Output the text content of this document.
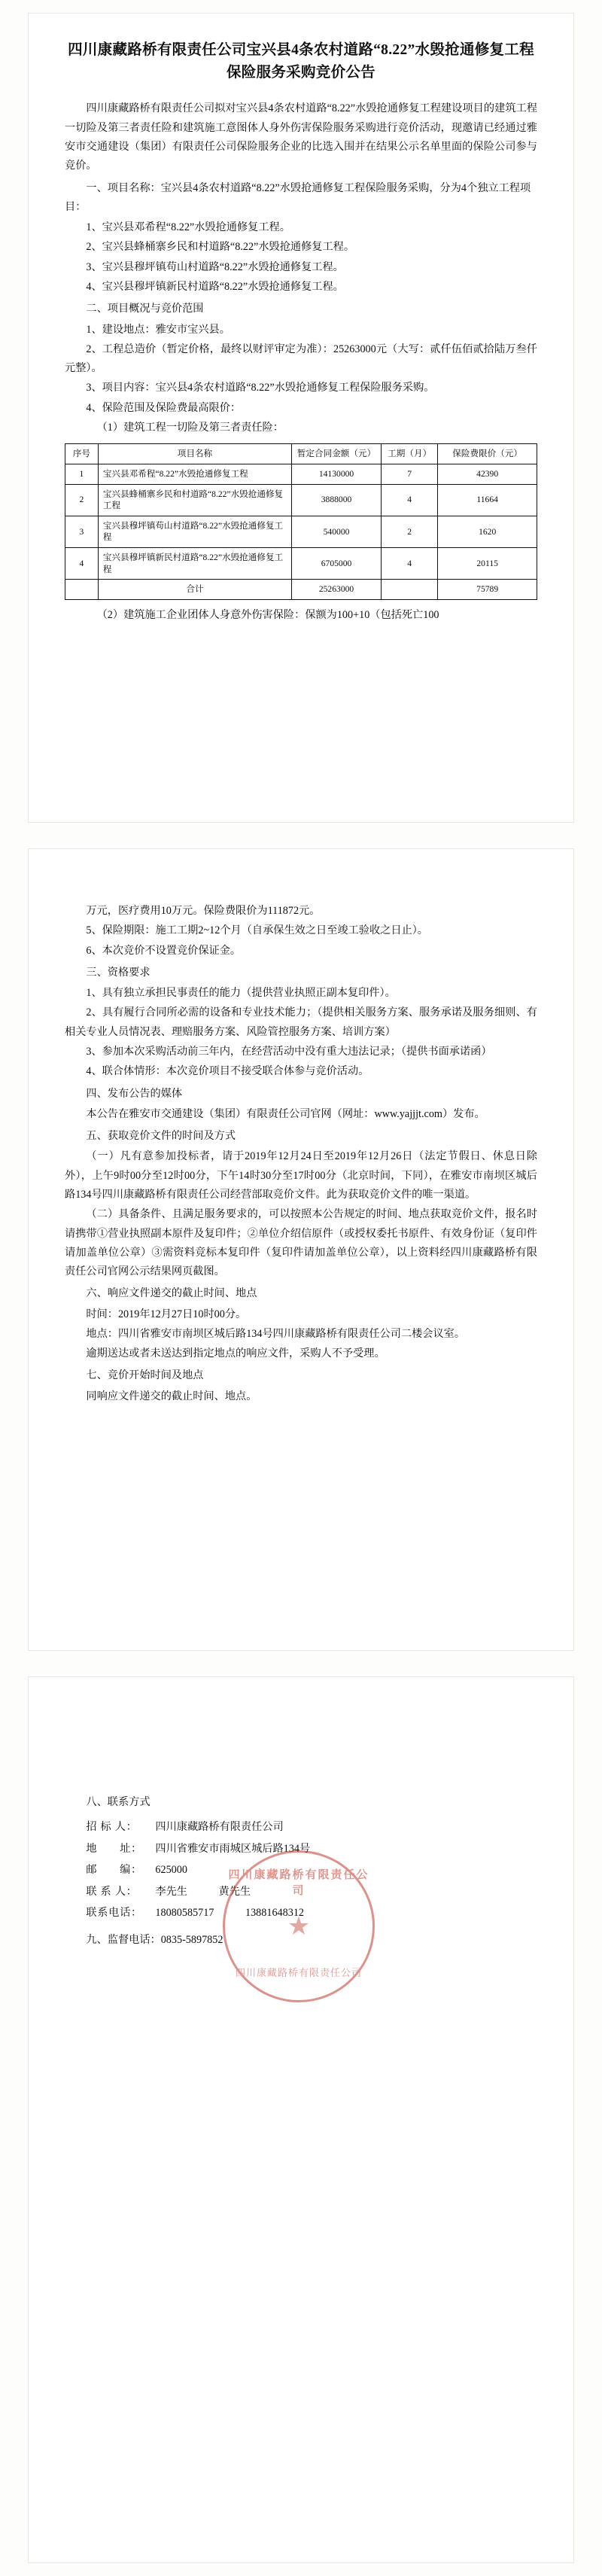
四川康藏路桥有限责任公司宝兴县4条农村道路“8.22”水毁抢通修复工程保险服务采购竞价公告

四川康藏路桥有限责任公司拟对宝兴县4条农村道路“8.22”水毁抢通修复工程建设项目的建筑工程一切险及第三者责任险和建筑施工意图体人身外伤害保险服务采购进行竞价活动，现邀请已经通过雅安市交通建设（集团）有限责任公司保险服务企业的比选入围并在结果公示名单里面的保险公司参与竞价。

一、项目名称：宝兴县4条农村道路“8.22”水毁抢通修复工程保险服务采购，分为4个独立工程项目：
1、宝兴县邓希程“8.22”水毁抢通修复工程。
2、宝兴县蜂桶寨乡民和村道路“8.22”水毁抢通修复工程。
3、宝兴县穆坪镇苟山村道路“8.22”水毁抢通修复工程。
4、宝兴县穆坪镇新民村道路“8.22”水毁抢通修复工程。
二、项目概况与竞价范围
1、建设地点：雅安市宝兴县。
2、工程总造价（暂定价格，最终以财评审定为准）：25263000元（大写：贰仟伍佰贰拾陆万叁仟元整）。
3、项目内容：宝兴县4条农村道路“8.22”水毁抢通修复工程保险服务采购。
4、保险范围及保险费最高限价：
（1）建筑工程一切险及第三者责任险：
序号	项目名称	暂定合同金额（元）	工期（月）	保险费限价（元）
1	宝兴县邓希程“8.22”水毁抢通修复工程	14130000	7	42390
2	宝兴县蜂桶寨乡民和村道路“8.22”水毁抢通修复工程	3888000	4	11664
3	宝兴县穆坪镇苟山村道路“8.22”水毁抢通修复工程	540000	2	1620
4	宝兴县穆坪镇新民村道路“8.22”水毁抢通修复工程	6705000	4	20115
	合计	25263000		75789
（2）建筑施工企业团体人身意外伤害保险：保额为100+10（包括死亡100
万元，医疗费用10万元。保险费限价为111872元。
5、保险期限：施工工期2~12个月（自承保生效之日至竣工验收之日止）。
6、本次竞价不设置竞价保证金。
三、资格要求
1、具有独立承担民事责任的能力（提供营业执照正副本复印件）。
2、具有履行合同所必需的设备和专业技术能力；（提供相关服务方案、服务承诺及服务细则、有相关专业人员情况表、理赔服务方案、风险管控服务方案、培训方案）
3、参加本次采购活动前三年内，在经营活动中没有重大违法记录；（提供书面承诺函）
4、联合体情形：本次竞价项目不接受联合体参与竞价活动。
四、发布公告的媒体
本公告在雅安市交通建设（集团）有限责任公司官网（网址：www.yajjjt.com）发布。
五、获取竞价文件的时间及方式
（一）凡有意参加投标者，请于2019年12月24日至2019年12月26日（法定节假日、休息日除外），上午9时00分至12时00分，下午14时30分至17时00分（北京时间，下同），在雅安市南坝区城后路134号四川康藏路桥有限责任公司经营部取竞价文件。此为获取竞价文件的唯一渠道。
（二）具备条件、且满足服务要求的，可以按照本公告规定的时间、地点获取竞价文件，报名时请携带①营业执照副本原件及复印件；②单位介绍信原件（或授权委托书原件、有效身份证（复印件请加盖单位公章）③需资料竞标本复印件（复印件请加盖单位公章），以上资料经四川康藏路桥有限责任公司官网公示结果网页截图。
六、响应文件递交的截止时间、地点
时间：2019年12月27日10时00分。
地点：四川省雅安市南坝区城后路134号四川康藏路桥有限责任公司二楼会议室。
逾期送达或者未送达到指定地点的响应文件，采购人不予受理。
七、竞价开始时间及地点
同响应文件递交的截止时间、地点。
八、联系方式
招 标 人：	四川康藏路桥有限责任公司
地　　址：	四川省雅安市雨城区城后路134号
邮　　编：	625000
联 系 人：	李先生	黄先生
联系电话：	18080585717	13881648312
九、监督电话：0835-5897852
四川康藏路桥有限责任公司
★
四川康藏路桥有限责任公司
